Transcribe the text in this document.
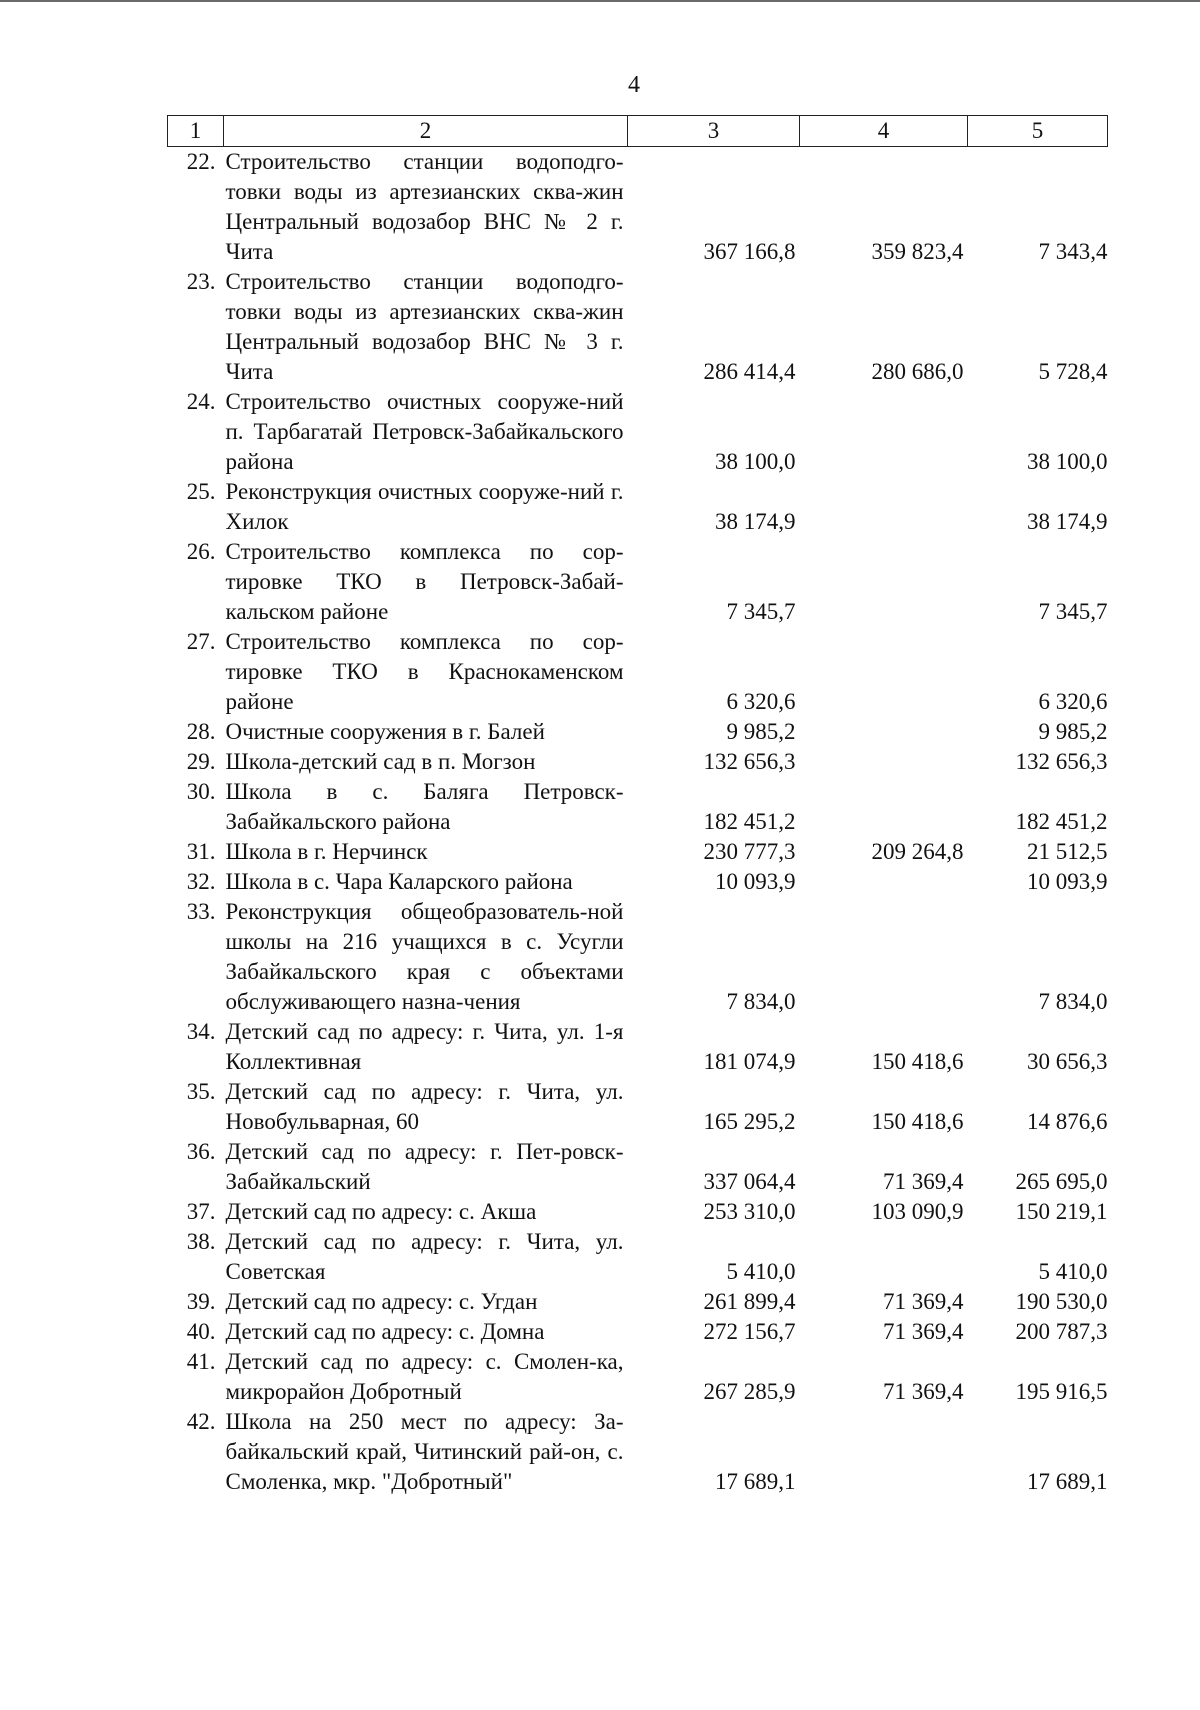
4
1	2	3	4	5
22.	Строительство станции водоподго-товки воды из артезианских сква-жин Центральный водозабор ВНС № 2 г. Чита	367 166,8	359 823,4	7 343,4
23.	Строительство станции водоподго-товки воды из артезианских сква-жин Центральный водозабор ВНС № 3 г. Чита	286 414,4	280 686,0	5 728,4
24.	Строительство очистных сооруже-ний п. Тарбагатай Петровск-Забайкальского района	38 100,0		38 100,0
25.	Реконструкция очистных сооруже-ний г. Хилок	38 174,9		38 174,9
26.	Строительство комплекса по сор-тировке ТКО в Петровск-Забай-кальском районе	7 345,7		7 345,7
27.	Строительство комплекса по сор-тировке ТКО в Краснокаменском районе	6 320,6		6 320,6
28.	Очистные сооружения в г. Балей	9 985,2		9 985,2
29.	Школа-детский сад в п. Могзон	132 656,3		132 656,3
30.	Школа в с. Баляга Петровск-Забайкальского района	182 451,2		182 451,2
31.	Школа в г. Нерчинск	230 777,3	209 264,8	21 512,5
32.	Школа в с. Чара Каларского района	10 093,9		10 093,9
33.	Реконструкция общеобразователь-ной школы на 216 учащихся в с. Усугли Забайкальского края с объектами обслуживающего назна-чения	7 834,0		7 834,0
34.	Детский сад по адресу: г. Чита, ул. 1-я Коллективная	181 074,9	150 418,6	30 656,3
35.	Детский сад по адресу: г. Чита, ул. Новобульварная, 60	165 295,2	150 418,6	14 876,6
36.	Детский сад по адресу: г. Пет-ровск-Забайкальский	337 064,4	71 369,4	265 695,0
37.	Детский сад по адресу: с. Акша	253 310,0	103 090,9	150 219,1
38.	Детский сад по адресу: г. Чита, ул. Советская	5 410,0		5 410,0
39.	Детский сад по адресу: с. Угдан	261 899,4	71 369,4	190 530,0
40.	Детский сад по адресу: с. Домна	272 156,7	71 369,4	200 787,3
41.	Детский сад по адресу: с. Смолен-ка, микрорайон Добротный	267 285,9	71 369,4	195 916,5
42.	Школа на 250 мест по адресу: За-байкальский край, Читинский рай-он, с. Смоленка, мкр. "Добротный"	17 689,1		17 689,1
